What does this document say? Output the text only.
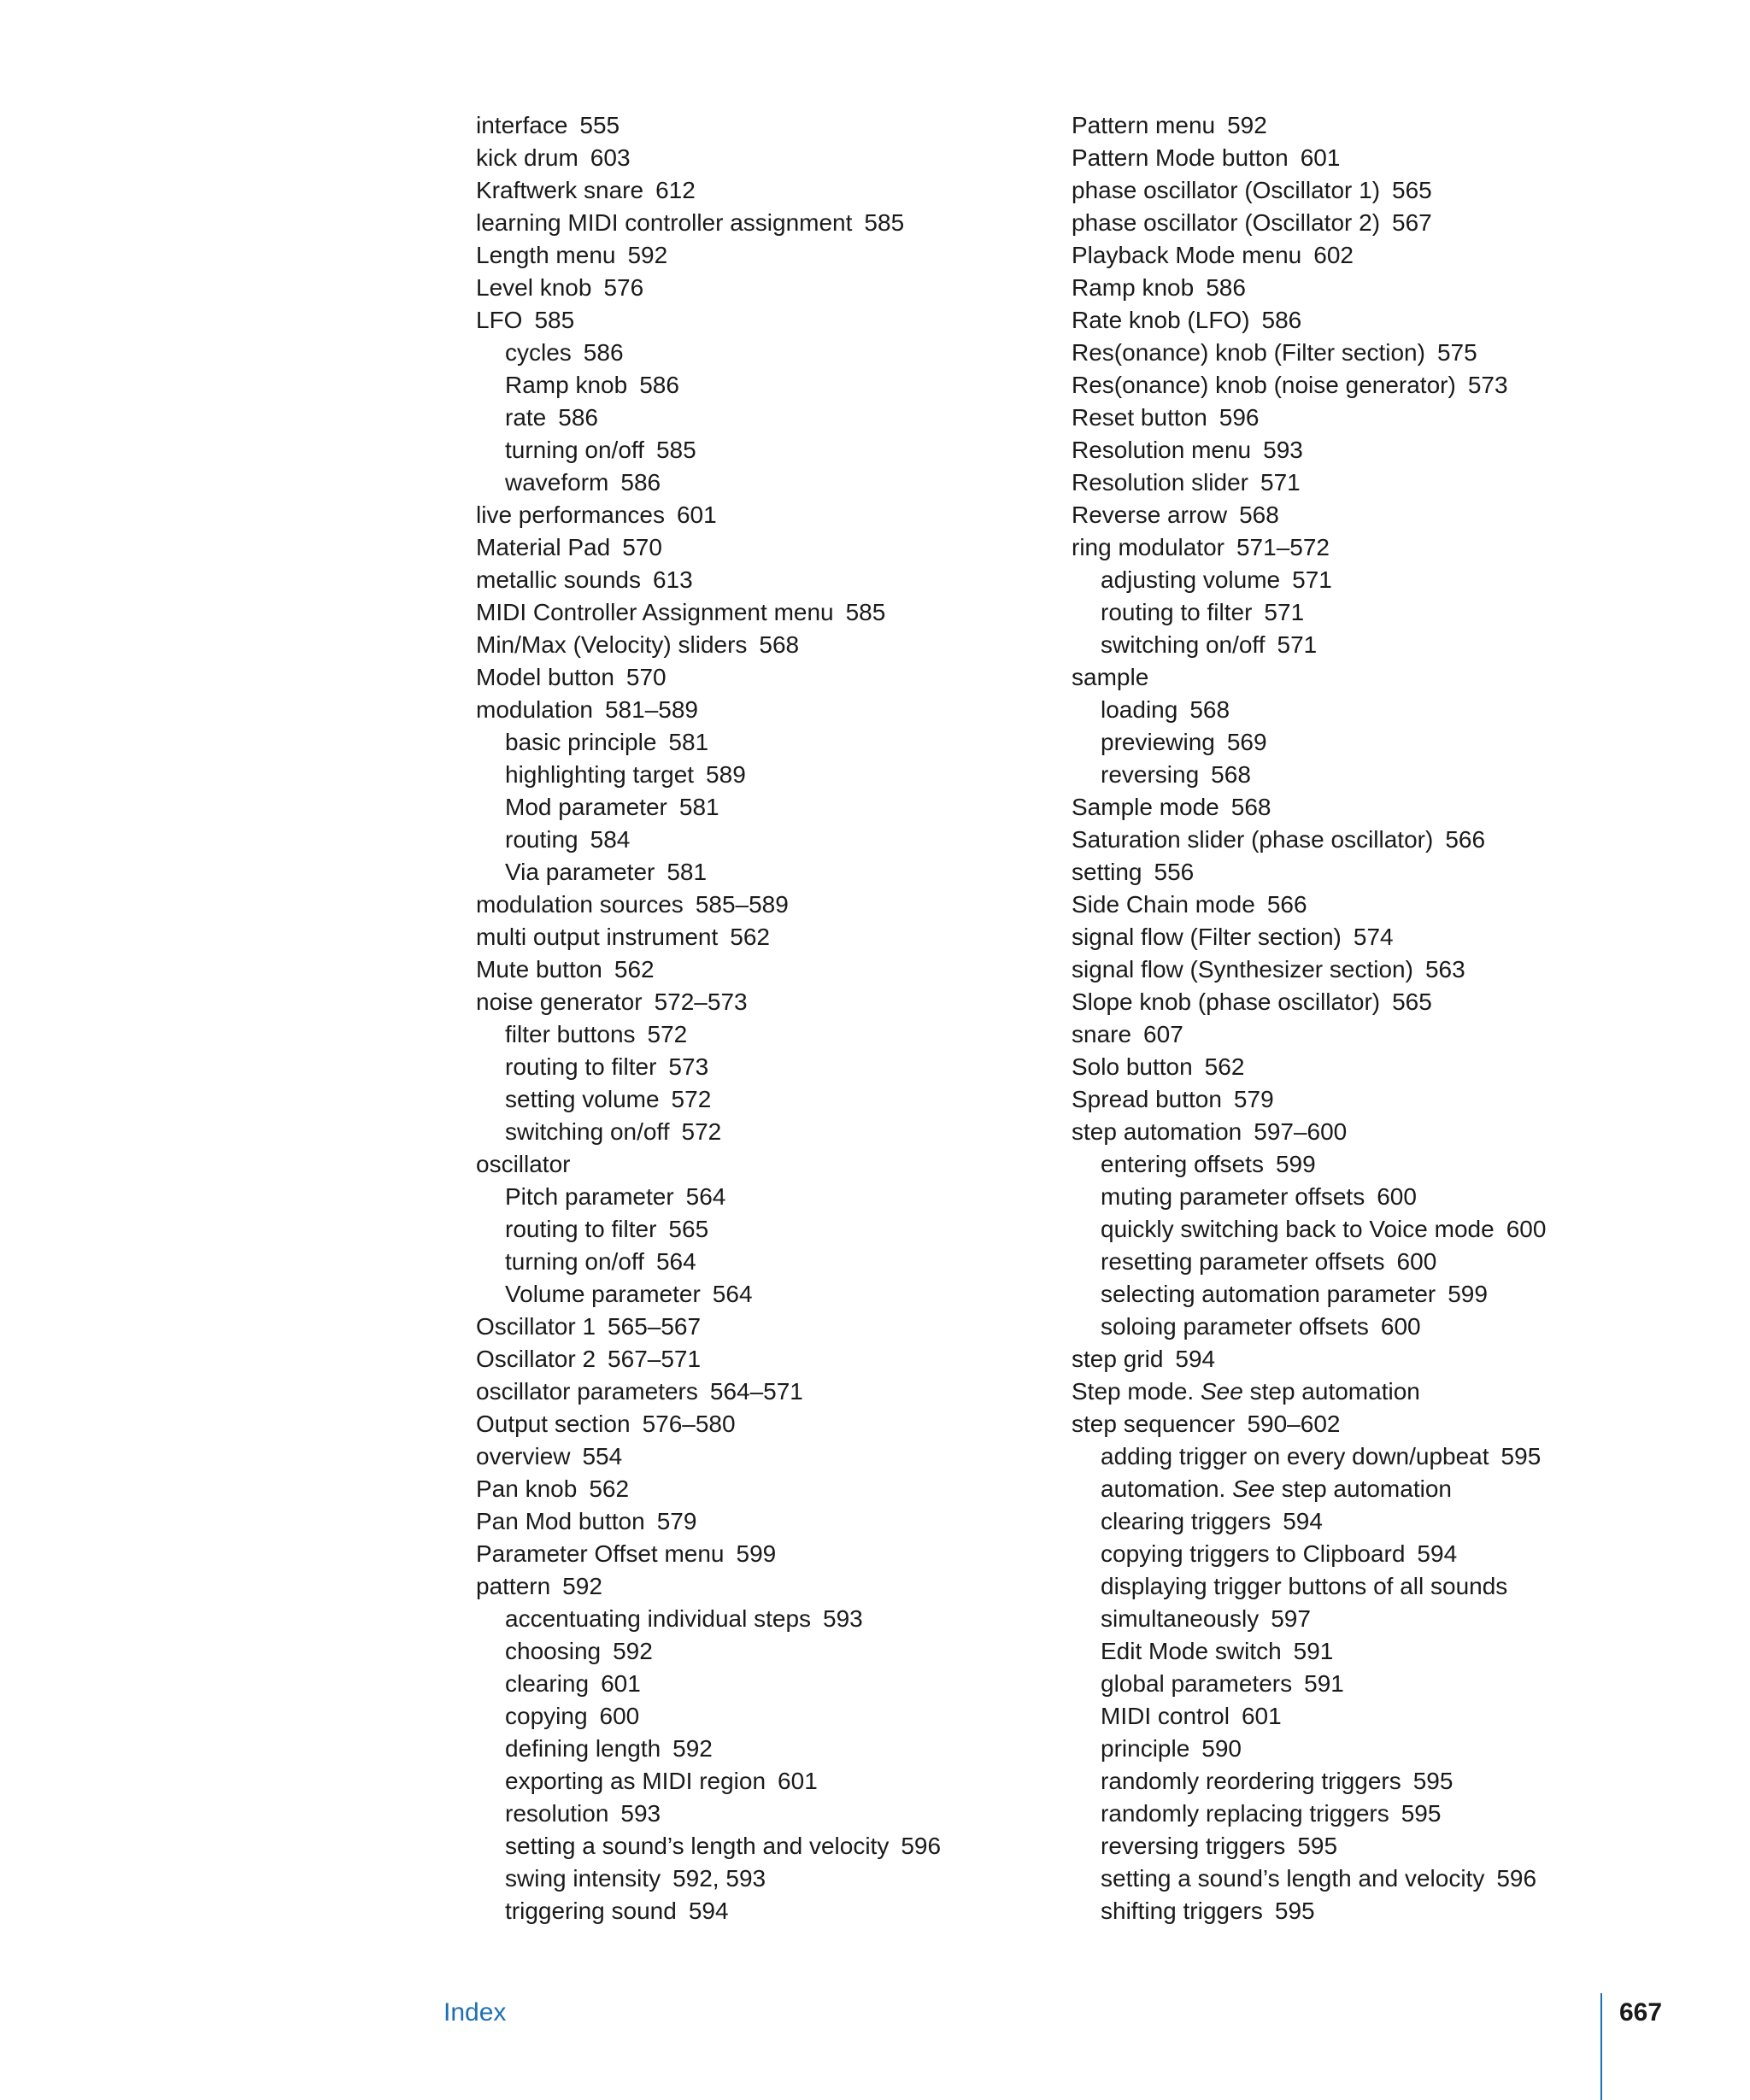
interface 555
kick drum 603
Kraftwerk snare 612
learning MIDI controller assignment 585
Length menu 592
Level knob 576
LFO 585
cycles 586
Ramp knob 586
rate 586
turning on/off 585
waveform 586
live performances 601
Material Pad 570
metallic sounds 613
MIDI Controller Assignment menu 585
Min/Max (Velocity) sliders 568
Model button 570
modulation 581–589
basic principle 581
highlighting target 589
Mod parameter 581
routing 584
Via parameter 581
modulation sources 585–589
multi output instrument 562
Mute button 562
noise generator 572–573
filter buttons 572
routing to filter 573
setting volume 572
switching on/off 572
oscillator
Pitch parameter 564
routing to filter 565
turning on/off 564
Volume parameter 564
Oscillator 1 565–567
Oscillator 2 567–571
oscillator parameters 564–571
Output section 576–580
overview 554
Pan knob 562
Pan Mod button 579
Parameter Offset menu 599
pattern 592
accentuating individual steps 593
choosing 592
clearing 601
copying 600
defining length 592
exporting as MIDI region 601
resolution 593
setting a sound’s length and velocity 596
swing intensity 592, 593
triggering sound 594
Pattern menu 592
Pattern Mode button 601
phase oscillator (Oscillator 1) 565
phase oscillator (Oscillator 2) 567
Playback Mode menu 602
Ramp knob 586
Rate knob (LFO) 586
Res(onance) knob (Filter section) 575
Res(onance) knob (noise generator) 573
Reset button 596
Resolution menu 593
Resolution slider 571
Reverse arrow 568
ring modulator 571–572
adjusting volume 571
routing to filter 571
switching on/off 571
sample
loading 568
previewing 569
reversing 568
Sample mode 568
Saturation slider (phase oscillator) 566
setting 556
Side Chain mode 566
signal flow (Filter section) 574
signal flow (Synthesizer section) 563
Slope knob (phase oscillator) 565
snare 607
Solo button 562
Spread button 579
step automation 597–600
entering offsets 599
muting parameter offsets 600
quickly switching back to Voice mode 600
resetting parameter offsets 600
selecting automation parameter 599
soloing parameter offsets 600
step grid 594
Step mode. See step automation
step sequencer 590–602
adding trigger on every down/upbeat 595
automation. See step automation
clearing triggers 594
copying triggers to Clipboard 594
displaying trigger buttons of all sounds
simultaneously 597
Edit Mode switch 591
global parameters 591
MIDI control 601
principle 590
randomly reordering triggers 595
randomly replacing triggers 595
reversing triggers 595
setting a sound’s length and velocity 596
shifting triggers 595
Index	667
